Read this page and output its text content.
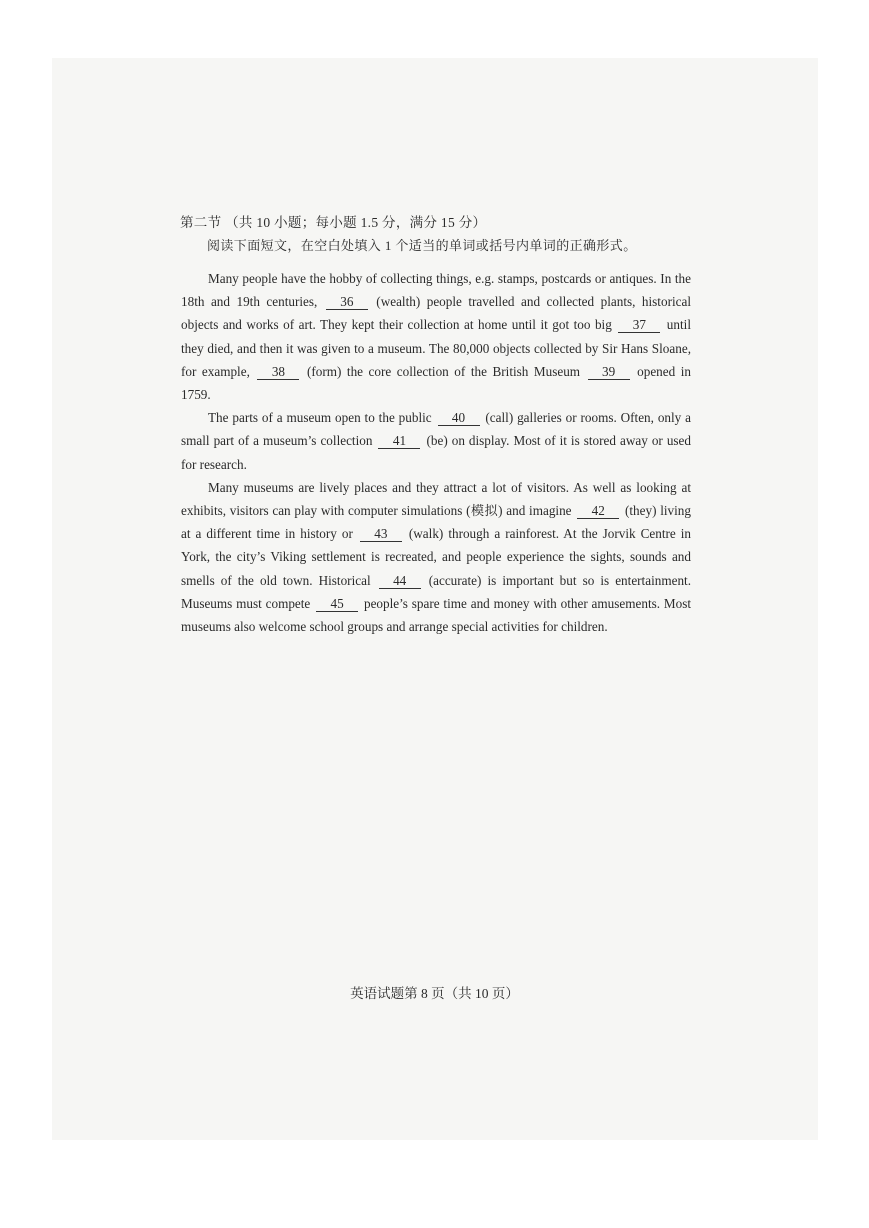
第二节 （共 10 小题；每小题 1.5 分，满分 15 分）
阅读下面短文，在空白处填入 1 个适当的单词或括号内单词的正确形式。

Many people have the hobby of collecting things, e.g. stamps, postcards or antiques. In the 18th and 19th centuries, 36 (wealth) people travelled and collected plants, historical objects and works of art. They kept their collection at home until it got too big 37 until they died, and then it was given to a museum. The 80,000 objects collected by Sir Hans Sloane, for example, 38 (form) the core collection of the British Museum 39 opened in 1759.

The parts of a museum open to the public 40 (call) galleries or rooms. Often, only a small part of a museum’s collection 41 (be) on display. Most of it is stored away or used for research.

Many museums are lively places and they attract a lot of visitors. As well as looking at exhibits, visitors can play with computer simulations (模拟) and imagine 42 (they) living at a different time in history or 43 (walk) through a rainforest. At the Jorvik Centre in York, the city’s Viking settlement is recreated, and people experience the sights, sounds and smells of the old town. Historical 44 (accurate) is important but so is entertainment. Museums must compete 45 people’s spare time and money with other amusements. Most museums also welcome school groups and arrange special activities for children.

英语试题第 8 页（共 10 页）
